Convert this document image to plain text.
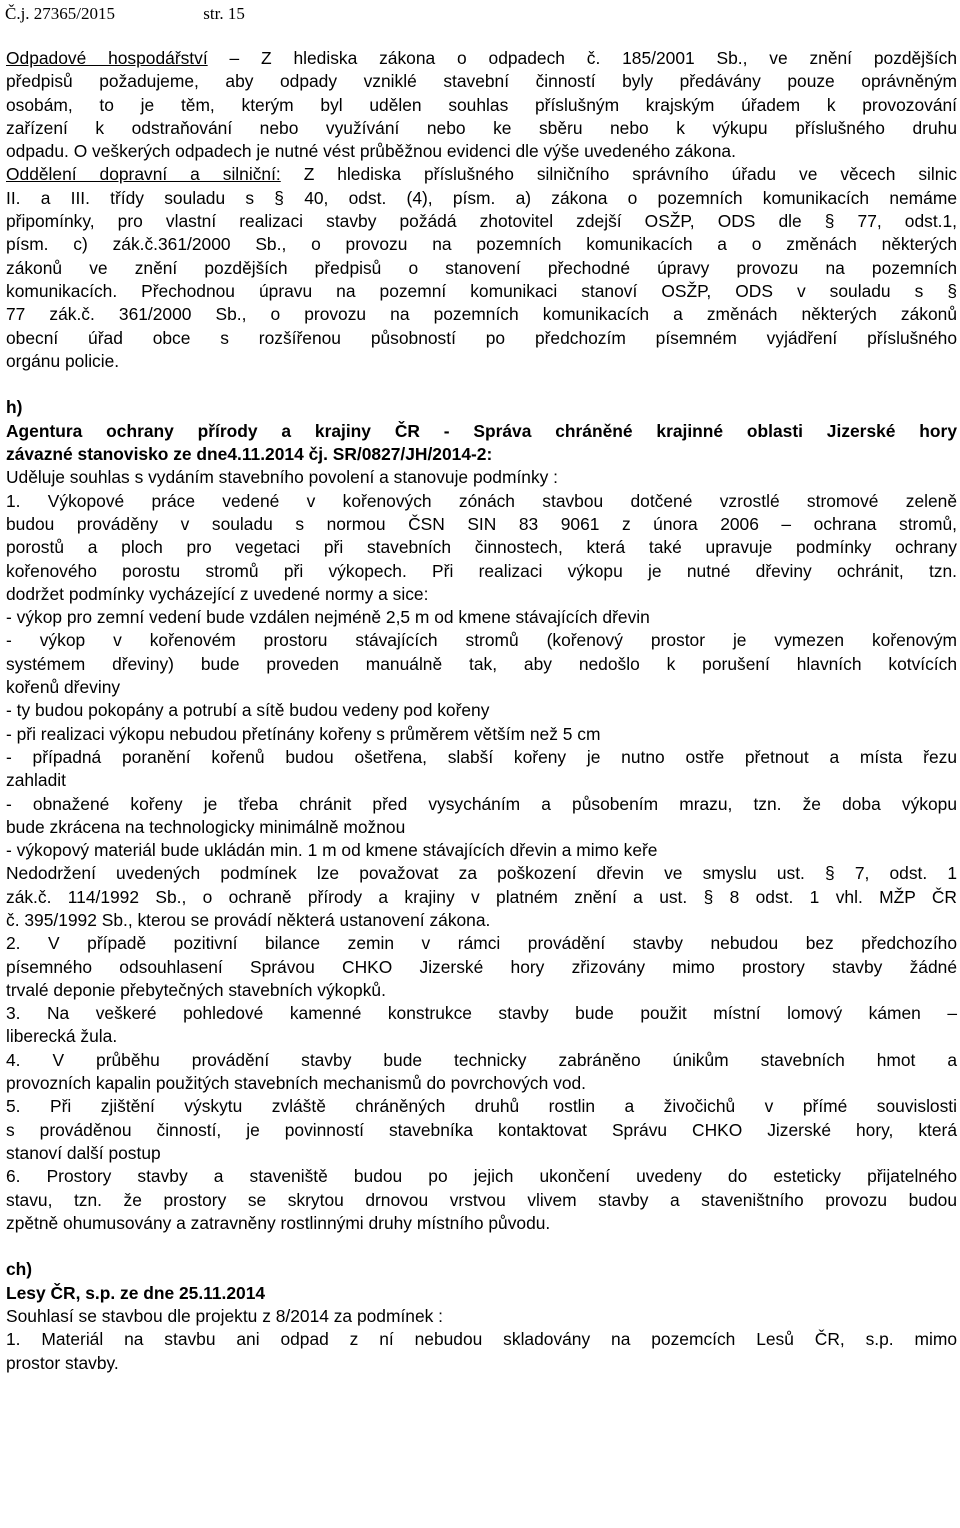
Č.j. 27365/2015	str. 15
Odpadové hospodářství – Z hlediska zákona o odpadech č. 185/2001 Sb., ve znění pozdějších
předpisů požadujeme, aby odpady vzniklé stavební činností byly předávány pouze oprávněným
osobám, to je těm, kterým byl udělen souhlas příslušným krajským úřadem k provozování
zařízení k odstraňování nebo využívání nebo ke sběru nebo k výkupu příslušného druhu
odpadu. O veškerých odpadech je nutné vést průběžnou evidenci dle výše uvedeného zákona.
Oddělení dopravní a silniční: Z hlediska příslušného silničního správního úřadu ve věcech silnic
II. a III. třídy souladu s § 40, odst. (4), písm. a) zákona o pozemních komunikacích nemáme
připomínky, pro vlastní realizaci stavby požádá zhotovitel zdejší OSŽP, ODS dle § 77, odst.1,
písm. c) zák.č.361/2000 Sb., o provozu na pozemních komunikacích a o změnách některých
zákonů ve znění pozdějších předpisů o stanovení přechodné úpravy provozu na pozemních
komunikacích. Přechodnou úpravu na pozemní komunikaci stanoví OSŽP, ODS v souladu s §
77 zák.č. 361/2000 Sb., o provozu na pozemních komunikacích a změnách některých zákonů
obecní úřad obce s rozšířenou působností po předchozím písemném vyjádření příslušného
orgánu policie.
h)
Agentura ochrany přírody a krajiny ČR - Správa chráněné krajinné oblasti Jizerské hory
závazné stanovisko ze dne4.11.2014 čj. SR/0827/JH/2014-2:
Uděluje souhlas s vydáním stavebního povolení a stanovuje podmínky :
1. Výkopové práce vedené v kořenových zónách stavbou dotčené vzrostlé stromové zeleně
budou prováděny v souladu s normou ČSN SIN 83 9061 z února 2006 – ochrana stromů,
porostů a ploch pro vegetaci při stavebních činnostech, která také upravuje podmínky ochrany
kořenového porostu stromů při výkopech. Při realizaci výkopu je nutné dřeviny ochránit, tzn.
dodržet podmínky vycházející z uvedené normy a sice:
- výkop pro zemní vedení bude vzdálen nejméně 2,5 m od kmene stávajících dřevin
- výkop v kořenovém prostoru stávajících stromů (kořenový prostor je vymezen kořenovým
systémem dřeviny) bude proveden manuálně tak, aby nedošlo k porušení hlavních kotvících
kořenů dřeviny
- ty budou pokopány a potrubí a sítě budou vedeny pod kořeny
- při realizaci výkopu nebudou přetínány kořeny s průměrem větším než 5 cm
- případná poranění kořenů budou ošetřena, slabší kořeny je nutno ostře přetnout a místa řezu
zahladit
- obnažené kořeny je třeba chránit před vysycháním a působením mrazu, tzn. že doba výkopu
bude zkrácena na technologicky minimálně možnou
- výkopový materiál bude ukládán min. 1 m od kmene stávajících dřevin a mimo keře
Nedodržení uvedených podmínek lze považovat za poškození dřevin ve smyslu ust. § 7, odst. 1
zák.č. 114/1992 Sb., o ochraně přírody a krajiny v platném znění a ust. § 8 odst. 1 vhl. MŽP ČR
č. 395/1992 Sb., kterou se provádí některá ustanovení zákona.
2. V případě pozitivní bilance zemin v rámci provádění stavby nebudou bez předchozího
písemného odsouhlasení Správou CHKO Jizerské hory zřizovány mimo prostory stavby žádné
trvalé deponie přebytečných stavebních výkopků.
3. Na veškeré pohledové kamenné konstrukce stavby bude použit místní lomový kámen –
liberecká žula.
4. V průběhu provádění stavby bude technicky zabráněno únikům stavebních hmot a
provozních kapalin použitých stavebních mechanismů do povrchových vod.
5. Při zjištění výskytu zvláště chráněných druhů rostlin a živočichů v přímé souvislosti
s prováděnou činností, je povinností stavebníka kontaktovat Správu CHKO Jizerské hory, která
stanoví další postup
6. Prostory stavby a staveniště budou po jejich ukončení uvedeny do esteticky přijatelného
stavu, tzn. že prostory se skrytou drnovou vrstvou vlivem stavby a staveništního provozu budou
zpětně ohumusovány a zatravněny rostlinnými druhy místního původu.
ch)
Lesy ČR, s.p. ze dne 25.11.2014
Souhlasí se stavbou dle projektu z 8/2014 za podmínek :
1. Materiál na stavbu ani odpad z ní nebudou skladovány na pozemcích Lesů ČR, s.p. mimo
prostor stavby.
